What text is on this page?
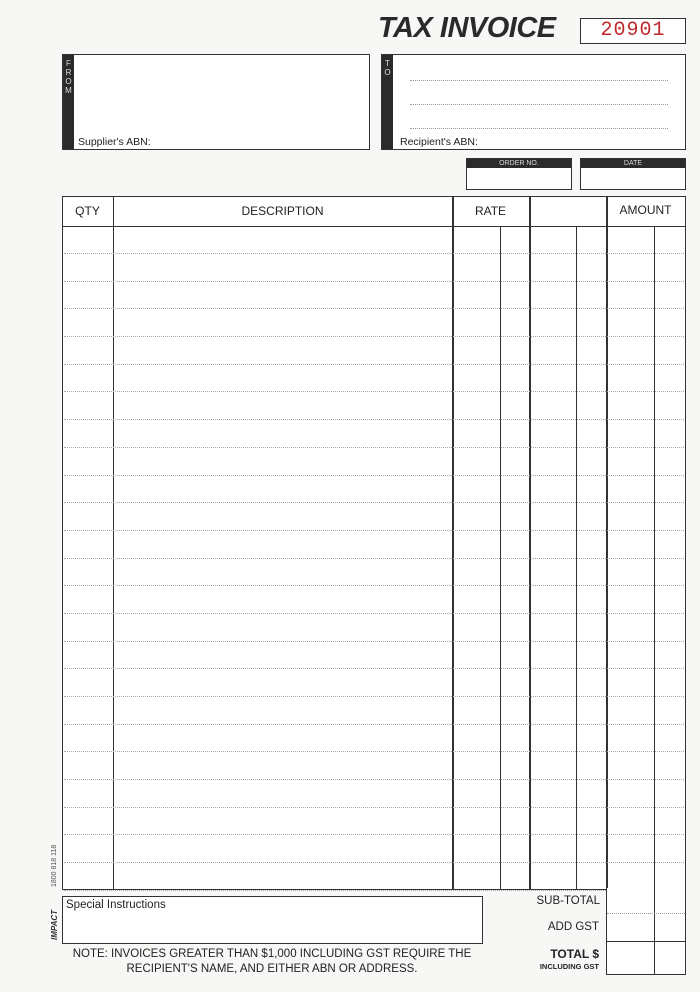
TAX INVOICE	20901
F
R
O
M
Supplier's ABN:
T
O
Recipient's ABN:
ORDER NO.	DATE
QTY	DESCRIPTION	RATE	AMOUNT
SUB-TOTAL
ADD GST
TOTAL $
INCLUDING GST
Special Instructions
NOTE: INVOICES GREATER THAN $1,000 INCLUDING GST REQUIRE THE
RECIPIENT'S NAME, AND EITHER ABN OR ADDRESS.
1800 818 118
IMPACT
